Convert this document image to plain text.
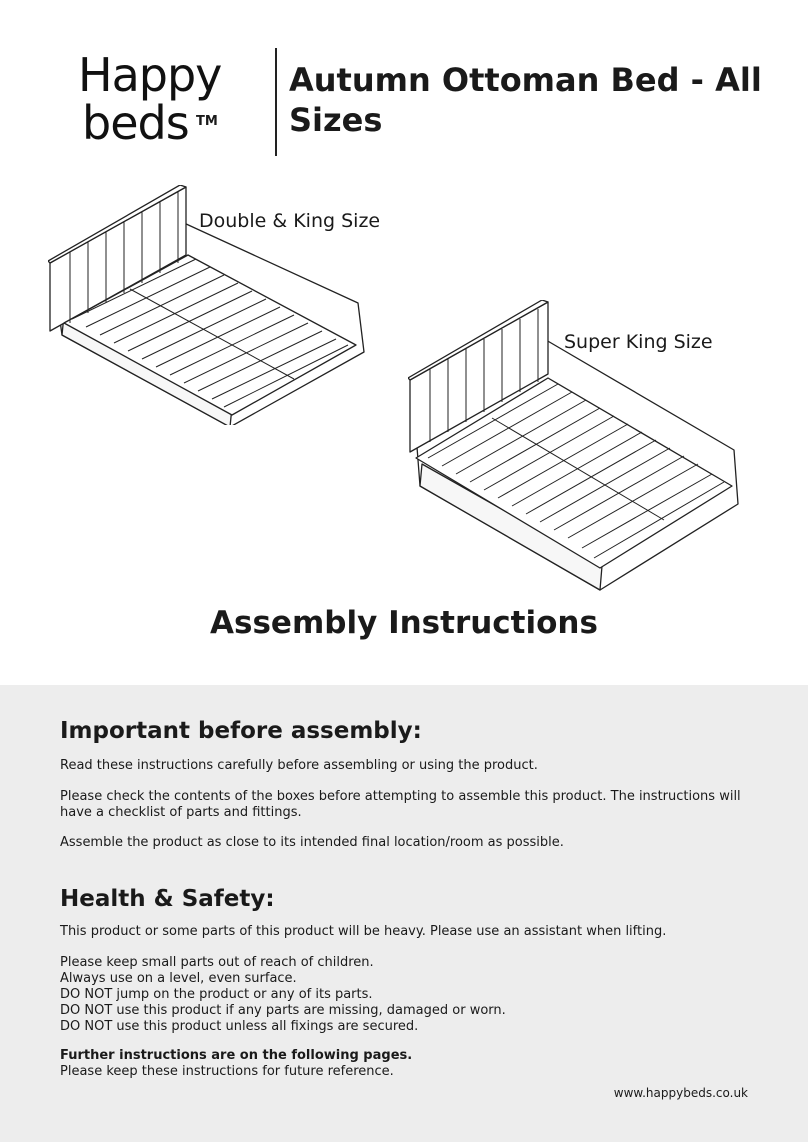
Happy
beds TM
Autumn Ottoman Bed - All Sizes
Double & King Size
Super King Size
Assembly Instructions
Important before assembly:

Read these instructions carefully before assembling or using the product.

Please check the contents of the boxes before attempting to assemble this product. The instructions will have a checklist of parts and fittings.

Assemble the product as close to its intended final location/room as possible.

Health & Safety:

This product or some parts of this product will be heavy. Please use an assistant when lifting.

Please keep small parts out of reach of children.

Always use on a level, even surface.

DO NOT jump on the product or any of its parts.

DO NOT use this product if any parts are missing, damaged or worn.

DO NOT use this product unless all fixings are secured.

Further instructions are on the following pages.

Please keep these instructions for future reference.

www.happybeds.co.uk
